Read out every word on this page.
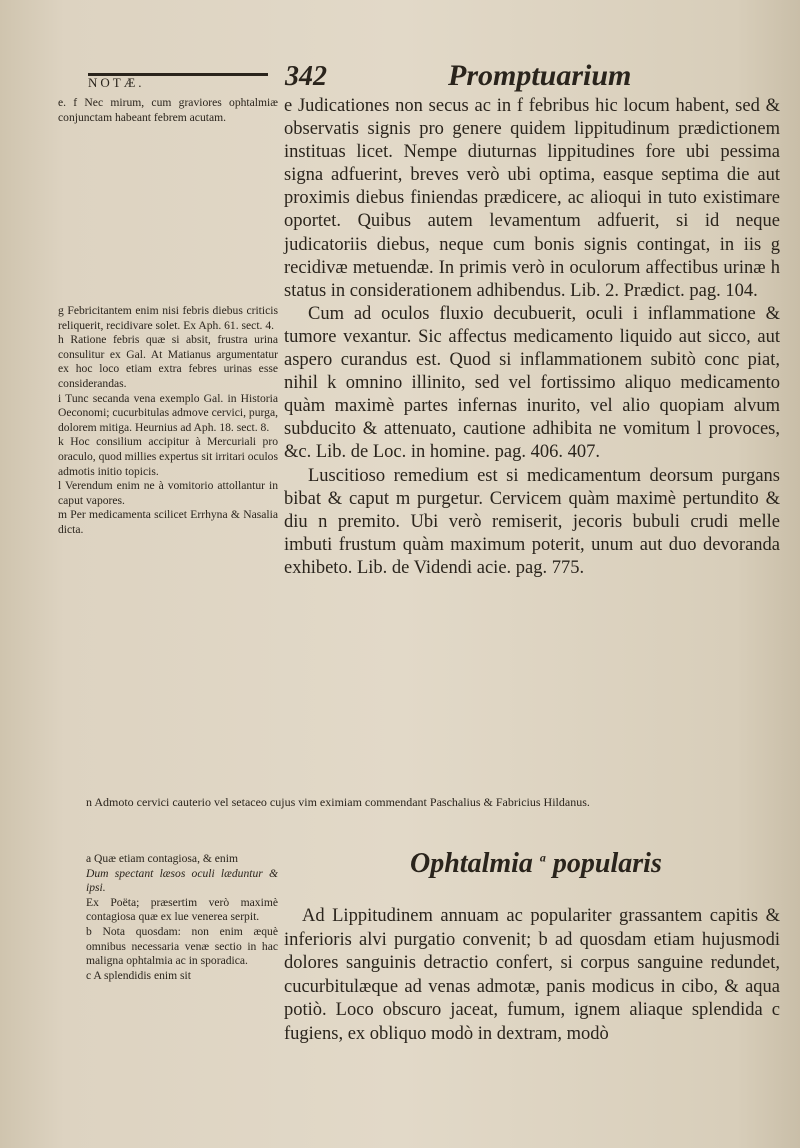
NOTÆ.	342	Promptuarium

e. f Nec mirum, cum graviores ophtalmiæ conjunctam habeant febrem acutam.

g Febricitantem enim nisi febris diebus criticis reliquerit, recidivare solet. Ex Aph. 61. sect. 4.

h Ratione febris quæ si absit, frustra urina consulitur ex Gal. At Matianus argumentatur ex hoc loco etiam extra febres urinas esse considerandas.

i Tunc secanda vena exemplo Gal. in Historia Oeconomi; cucurbitulas admove cervici, purga, dolorem mitiga. Heurnius ad Aph. 18. sect. 8.

k Hoc consilium accipitur à Mercuriali pro oraculo, quod millies expertus sit irritari oculos admotis initio topicis.

l Verendum enim ne à vomitorio attollantur in caput vapores.

m Per medicamenta scilicet Errhyna & Nasalia dicta.

e Judicationes non secus ac in f febribus hic locum habent, sed & observatis signis pro genere quidem lippitudinum prædictionem instituas licet. Nempe diuturnas lippitudines fore ubi pessima signa adfuerint, breves verò ubi optima, easque septima die aut proximis diebus finiendas prædicere, ac alioqui in tuto existimare oportet. Quibus autem levamentum adfuerit, si id neque judicatoriis diebus, neque cum bonis signis contingat, in iis g recidivæ metuendæ. In primis verò in oculorum affectibus urinæ h status in considerationem adhibendus. Lib. 2. Prædict. pag. 104.

Cum ad oculos fluxio decubuerit, oculi i inflammatione & tumore vexantur. Sic affectus medicamento liquido aut sicco, aut aspero curandus est. Quod si inflammationem subitò conc piat, nihil k omnino illinito, sed vel fortissimo aliquo medicamento quàm maximè partes infernas inurito, vel alio quopiam alvum subducito & attenuato, cautione adhibita ne vomitum l provoces, &c. Lib. de Loc. in homine. pag. 406. 407.

Luscitioso remedium est si medicamentum deorsum purgans bibat & caput m purgetur. Cervicem quàm maximè pertundito & diu n premito. Ubi verò remiserit, jecoris bubuli crudi melle imbuti frustum quàm maximum poterit, unum aut duo devoranda exhibeto. Lib. de Videndi acie. pag. 775.

n Admoto cervici cauterio vel setaceo cujus vim eximiam commendant Paschalius & Fabricius Hildanus.

Ophtalmia $^a$ popularis

a Quæ etiam contagiosa, & enim

Dum spectant læsos oculi læduntur & ipsi.

Ex Poëta; præsertim verò maximè contagiosa quæ ex lue venerea serpit.

b Nota quosdam: non enim æquè omnibus necessaria venæ sectio in hac maligna ophtalmia ac in sporadica.

c A splendidis enim sit

Ad Lippitudinem annuam ac populariter grassantem capitis & inferioris alvi purgatio convenit; b ad quosdam etiam hujusmodi dolores sanguinis detractio confert, si corpus sanguine redundet, cucurbitulæque ad venas admotæ, panis modicus in cibo, & aqua potiò. Loco obscuro jaceat, fumum, ignem aliaque splendida c fugiens, ex obliquo modò in dextram, modò
